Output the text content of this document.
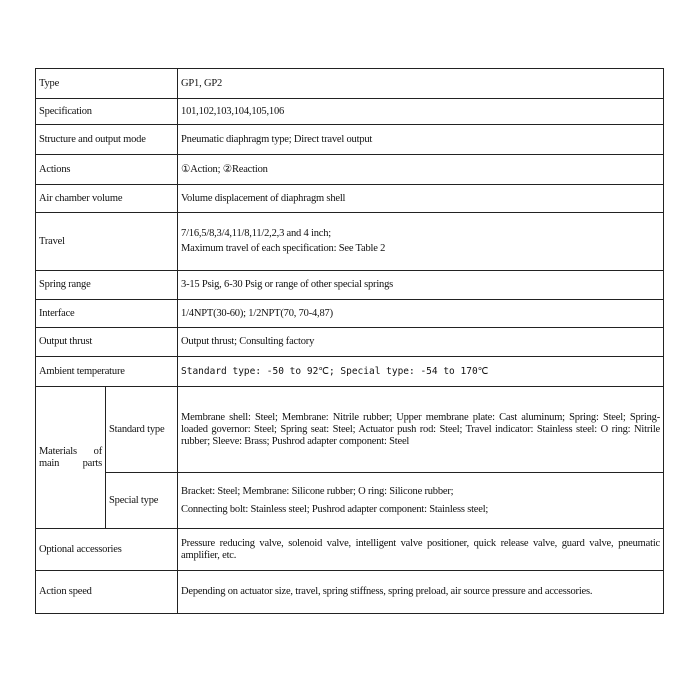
Type		GP1, GP2
Specification		101,102,103,104,105,106
Structure and output mode		Pneumatic diaphragm type; Direct travel output
Actions		①Action; ②Reaction
Air chamber volume		Volume displacement of diaphragm shell
Travel		7/16,5/8,3/4,11/8,11/2,2,3 and 4 inch;
Maximum travel of each specification: See Table 2

Spring range		3-15 Psig, 6-30 Psig or range of other special springs
Interface		1/4NPT(30-60); 1/2NPT(70, 70-4,87)
Output thrust		Output thrust; Consulting factory
Ambient temperature		Standard type: -50 to 92℃; Special type: -54 to 170℃

Materials of main parts	Standard type	Membrane shell: Steel; Membrane: Nitrile rubber; Upper membrane plate: Cast aluminum; Spring: Steel; Spring-loaded governor: Steel; Spring seat: Steel; Actuator push rod: Steel; Travel indicator: Stainless steel: O ring: Nitrile rubber; Sleeve: Brass; Pushrod adapter component: Steel
	Special type	Bracket: Steel; Membrane: Silicone rubber; O ring: Silicone rubber;
Connecting bolt: Stainless steel; Pushrod adapter component: Stainless steel;

Optional accessories		Pressure reducing valve, solenoid valve, intelligent valve positioner, quick release valve, guard valve, pneumatic amplifier, etc.
Action speed		Depending on actuator size, travel, spring stiffness, spring preload, air source pressure and accessories.
